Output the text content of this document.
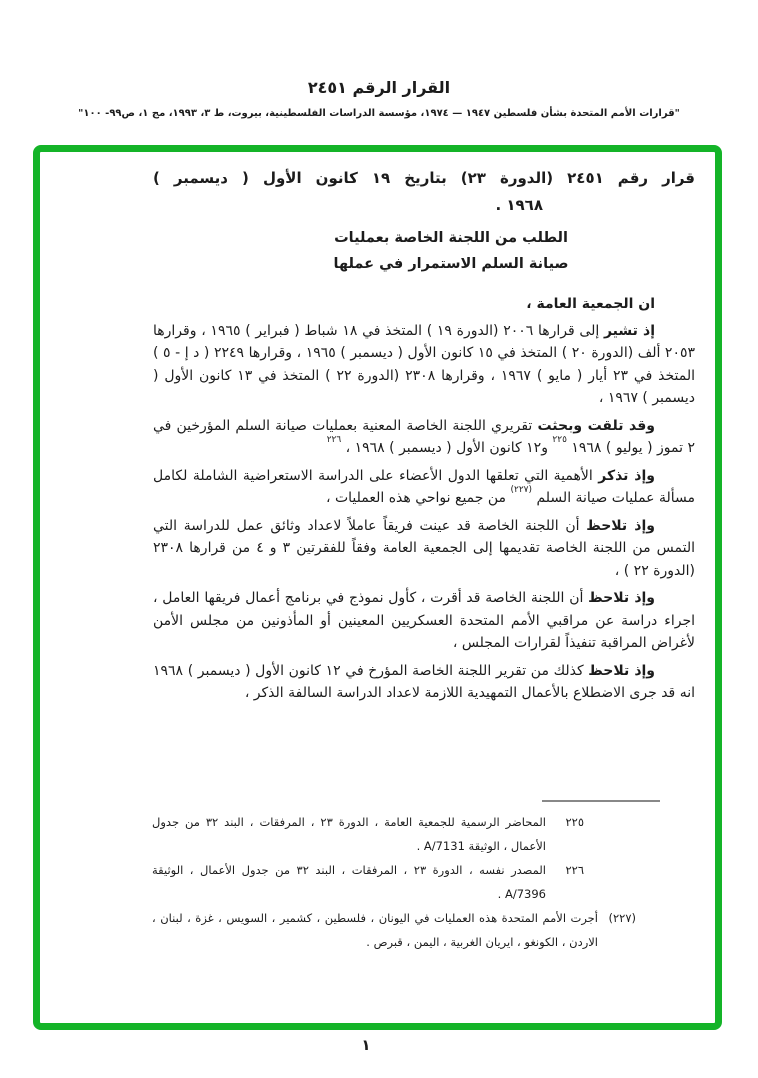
القرار الرقم ٢٤٥١
"قرارات الأمم المتحدة بشأن فلسطين ١٩٤٧ — ١٩٧٤، مؤسسة الدراسات الفلسطينية، بيروت، ط ٣، ١٩٩٣، مج ١، ص٩٩- ١٠٠"
قرار رقم ٢٤٥١ (الدورة ٢٣) بتاريخ ١٩ كانون الأول ( ديسمبر )
١٩٦٨ .
الطلب من اللجنة الخاصة بعمليات
صيانة السلم الاستمرار في عملها
ان الجمعية العامة ،

إذ تشير إلى قرارها ٢٠٠٦ (الدورة ١٩ ) المتخذ في ١٨ شباط ( فبراير ) ١٩٦٥ ، وقرارها ٢٠٥٣ ألف (الدورة ٢٠ ) المتخذ في ١٥ كانون الأول ( ديسمبر ) ١٩٦٥ ، وقرارها ٢٢٤٩ ( د إ - ٥ ) المتخذ في ٢٣ أيار ( مايو ) ١٩٦٧ ، وقرارها ٢٣٠٨ (الدورة ٢٢ ) المتخذ في ١٣ كانون الأول ( ديسمبر ) ١٩٦٧ ،

وقد تلقت وبحثت تقريري اللجنة الخاصة المعنية بعمليات صيانة السلم المؤرخين في ٢ تموز ( يوليو ) ١٩٦٨ $^{٢٢٥}$ و١٢ كانون الأول ( ديسمبر ) ١٩٦٨ ، $^{٢٢٦}$

وإذ تذكر الأهمية التي تعلقها الدول الأعضاء على الدراسة الاستعراضية الشاملة لكامل مسألة عمليات صيانة السلم $^{(٢٢٧)}$ من جميع نواحي هذه العمليات ،

وإذ تلاحظ أن اللجنة الخاصة قد عينت فريقاً عاملاً لاعداد وثائق عمل للدراسة التي التمس من اللجنة الخاصة تقديمها إلى الجمعية العامة وفقاً للفقرتين ٣ و ٤ من قرارها ٢٣٠٨ (الدورة ٢٢ ) ،

وإذ تلاحظ أن اللجنة الخاصة قد أقرت ، كأول نموذج في برنامج أعمال فريقها العامل ، اجراء دراسة عن مراقبي الأمم المتحدة العسكريين المعينين أو المأذونين من مجلس الأمن لأغراض المراقبة تنفيذاً لقرارات المجلس ،

وإذ تلاحظ كذلك من تقرير اللجنة الخاصة المؤرخ في ١٢ كانون الأول ( ديسمبر ) ١٩٦٨ انه قد جرى الاضطلاع بالأعمال التمهيدية اللازمة لاعداد الدراسة السالفة الذكر ،

٢٢٥
المحاضر الرسمية للجمعية العامة ، الدورة ٢٣ ، المرفقات ، البند ٣٢ من جدول الأعمال ، الوثيقة A/7131 .
٢٢٦
المصدر نفسه ، الدورة ٢٣ ، المرفقات ، البند ٣٢ من جدول الأعمال ، الوثيقة A/7396 .
(٢٢٧)
أجرت الأمم المتحدة هذه العمليات في اليونان ، فلسطين ، كشمير ، السويس ، غزة ، لبنان ، الاردن ، الكونغو ، ايريان الغربية ، اليمن ، قبرص .
١
